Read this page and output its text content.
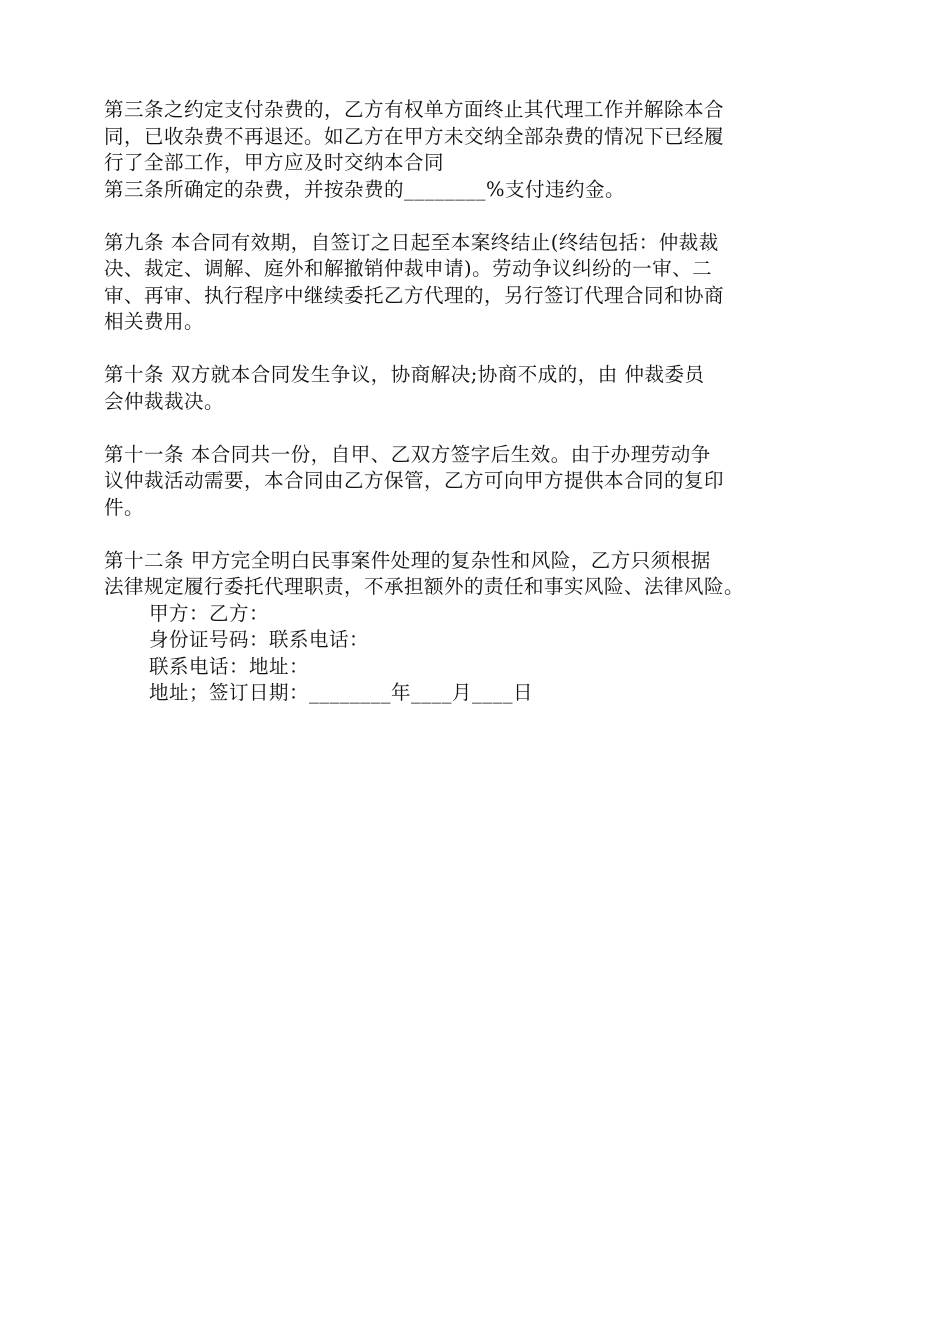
第三条之约定支付杂费的，乙方有权单方面终止其代理工作并解除本合
同，已收杂费不再退还。如乙方在甲方未交纳全部杂费的情况下已经履
行了全部工作，甲方应及时交纳本合同
第三条所确定的杂费，并按杂费的________%支付违约金。
第九条 本合同有效期，自签订之日起至本案终结止(终结包括：仲裁裁
决、裁定、调解、庭外和解撤销仲裁申请)。劳动争议纠纷的一审、二
审、再审、执行程序中继续委托乙方代理的，另行签订代理合同和协商
相关费用。
第十条 双方就本合同发生争议，协商解决;协商不成的，由 仲裁委员
会仲裁裁决。
第十一条 本合同共一份，自甲、乙双方签字后生效。由于办理劳动争
议仲裁活动需要，本合同由乙方保管，乙方可向甲方提供本合同的复印
件。
第十二条 甲方完全明白民事案件处理的复杂性和风险，乙方只须根据
法律规定履行委托代理职责，不承担额外的责任和事实风险、法律风险。
甲方：乙方：
身份证号码：联系电话：
联系电话：地址：
地址；签订日期：________年____月____日
